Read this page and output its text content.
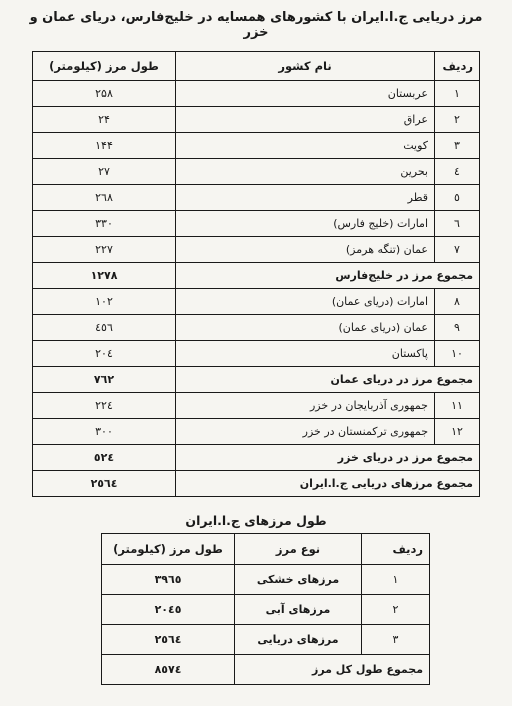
مرز دریایی ج.ا.ایران با کشورهای همسایه در خلیج‌فارس، دریای عمان و خزر
ردیف	نام کشور	طول مرز (کیلومتر)
۱	عربستان	۲۵۸
۲	عراق	۲۴
۳	کویت	۱۴۴
٤	بحرین	۲۷
٥	قطر	۲٦۸
٦	امارات (خلیج فارس)	۳۳۰
۷	عمان (تنگه هرمز)	۲۲۷
مجموع مرز در خلیج‌فارس		۱۲۷۸
۸	امارات (دریای عمان)	۱۰۲
۹	عمان (دریای عمان)	٤٥٦
۱۰	پاکستان	۲۰٤
مجموع مرز در دریای عمان		۷٦۲
۱۱	جمهوری آذربایجان در خزر	۲۲٤
۱۲	جمهوری ترکمنستان در خزر	۳۰۰
مجموع مرز در دریای خزر		٥۲٤
مجموع مرزهای دریایی ج.ا.ایران		۲٥٦٤
طول مرزهای ج.ا.ایران
ردیف	نوع مرز	طول مرز (کیلومتر)
۱	مرزهای خشکی	۳۹٦٥
۲	مرزهای آبی	۲۰٤٥
۳	مرزهای دریایی	۲٥٦٤
مجموع طول کل مرز		۸٥۷٤
